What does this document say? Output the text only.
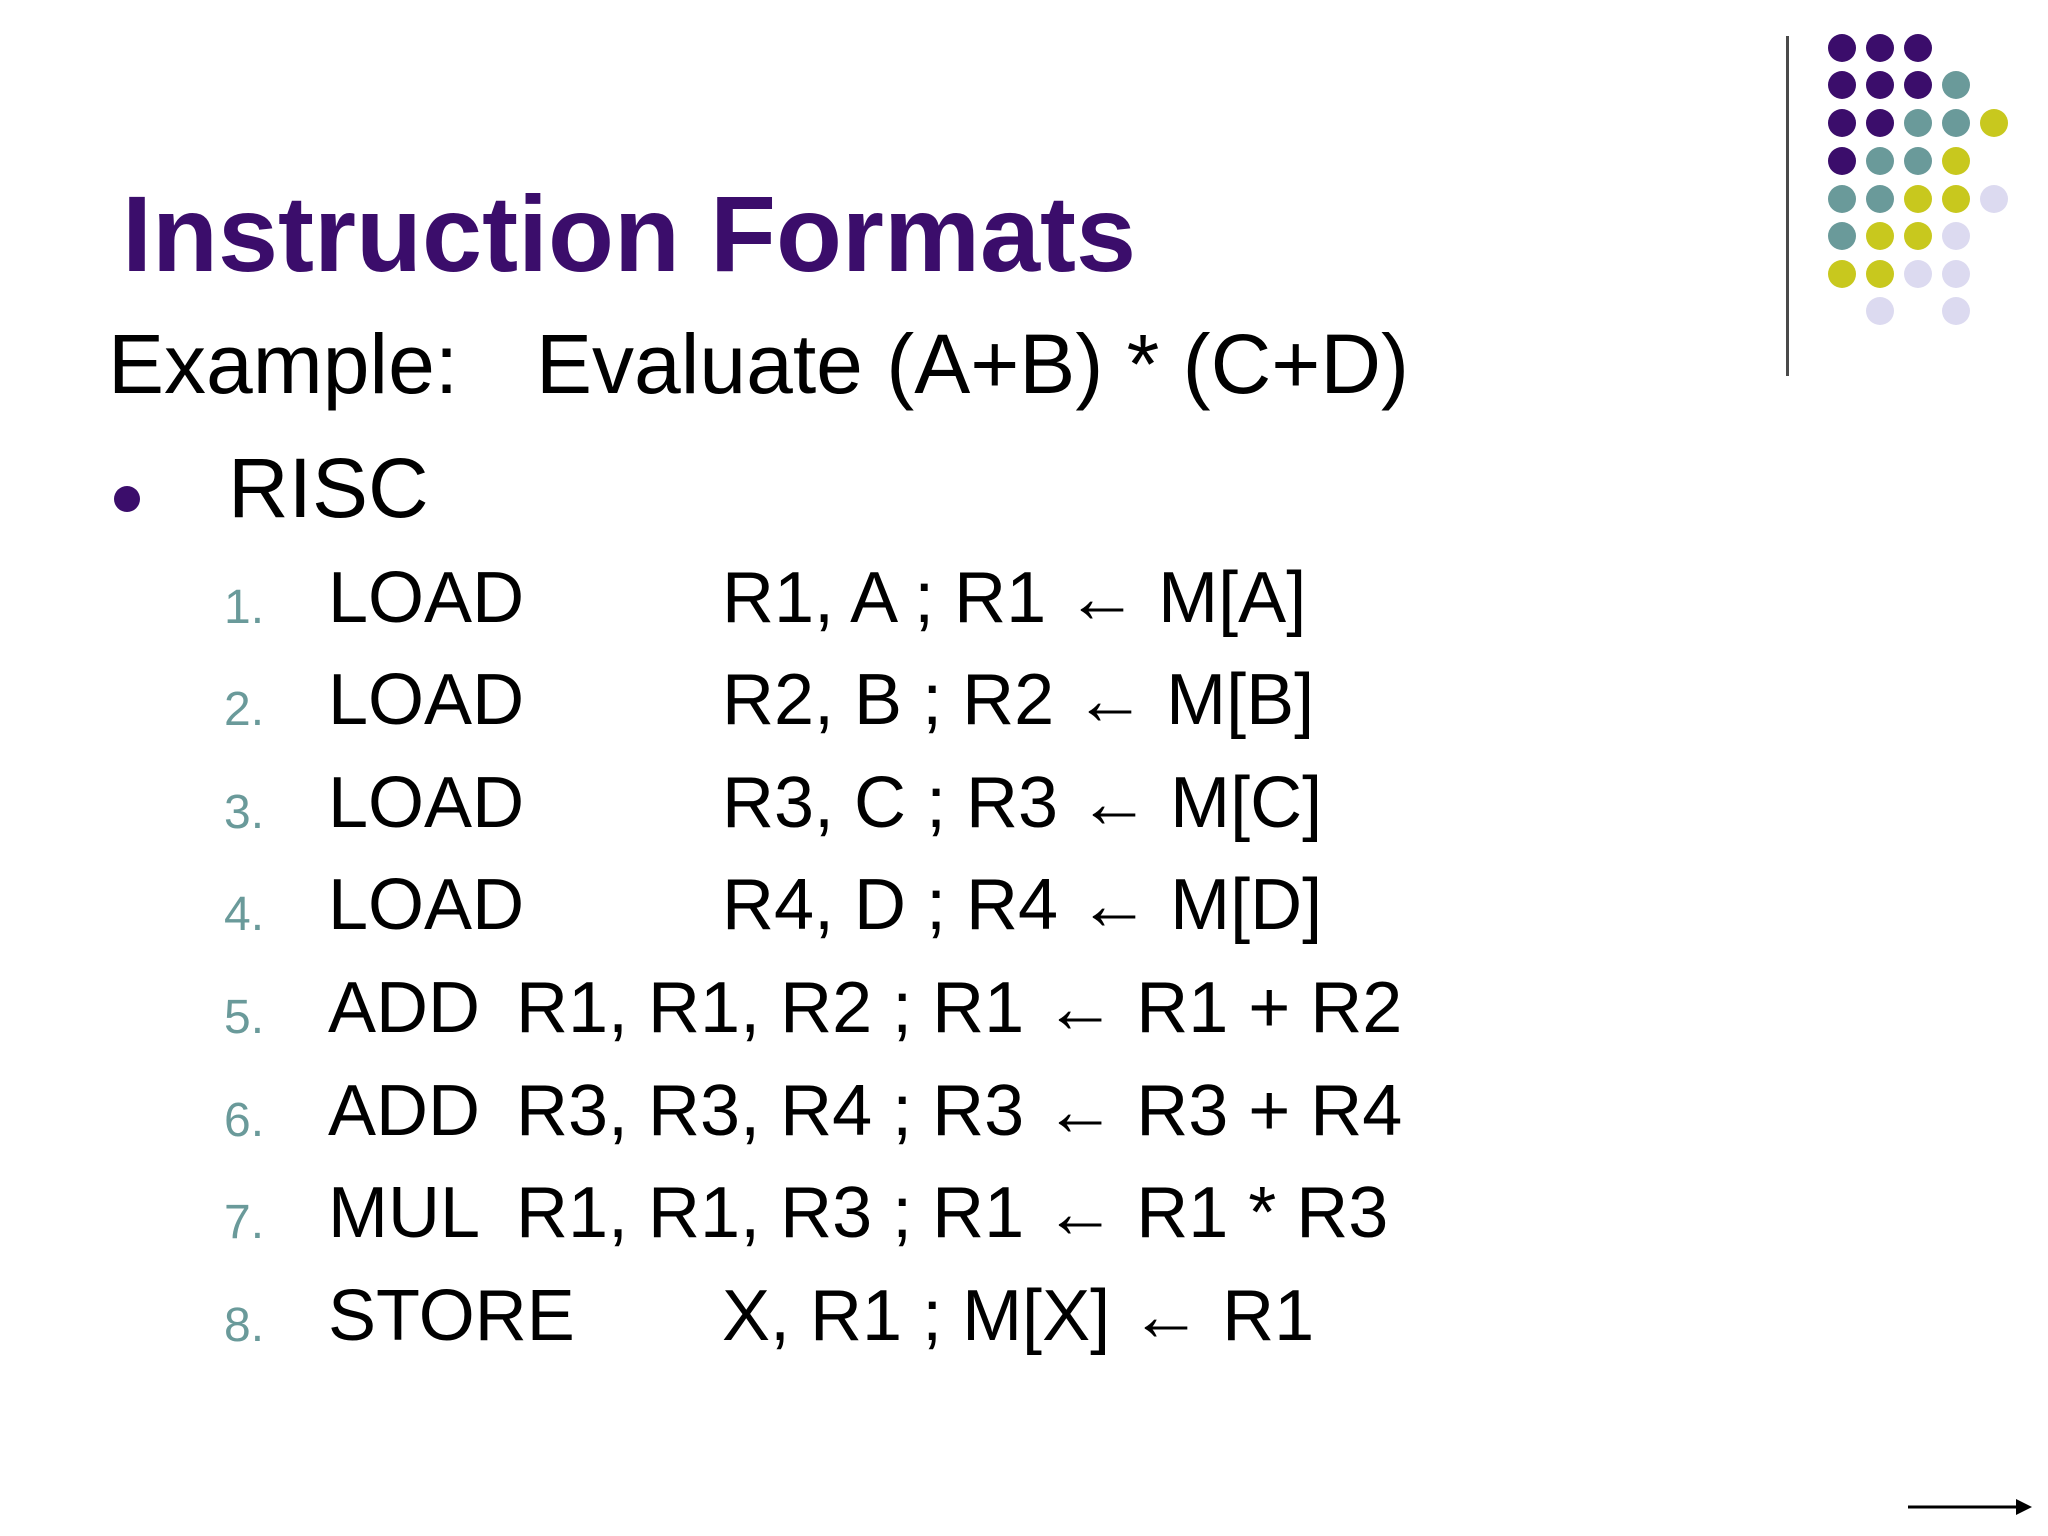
Instruction Formats
Example: Evaluate (A+B) * (C+D)
RISC
1. LOAD	R1, A ; R1 ← M[A]
2. LOAD	R2, B ; R2 ← M[B]
3. LOAD	R3, C ; R3 ← M[C]
4. LOAD	R4, D ; R4 ← M[D]
5. ADD R1, R1, R2 ; R1 ← R1 + R2
6. ADD R3, R3, R4 ; R3 ← R3 + R4
7. MUL R1, R1, R3 ; R1 ← R1 * R3
8. STORE X, R1 ; M[X] ← R1
